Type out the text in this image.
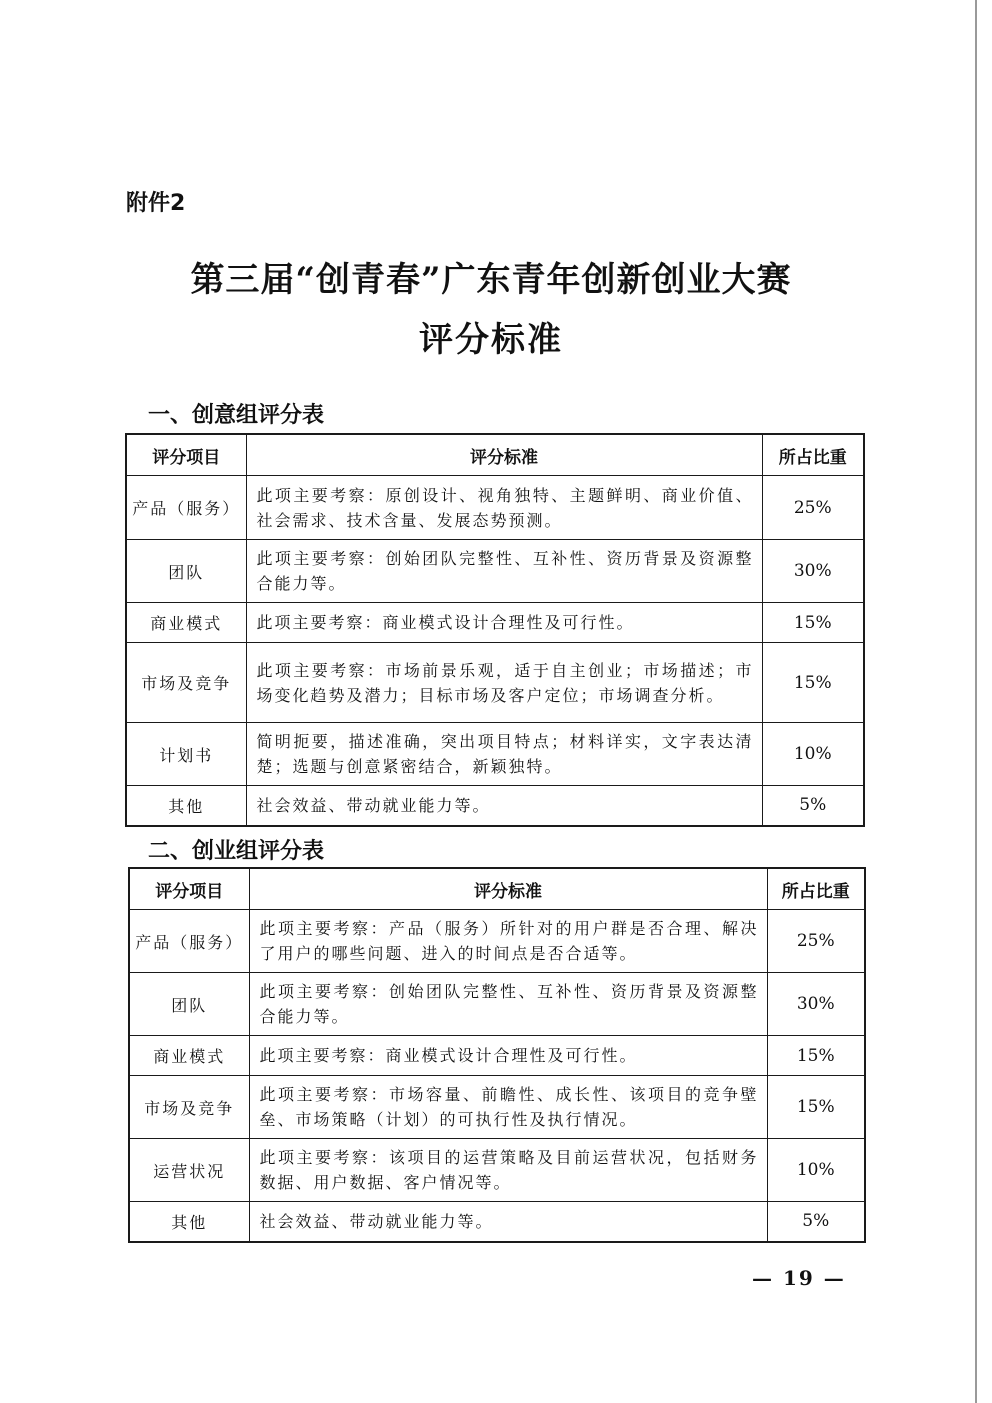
附件2
第三届“创青春”广东青年创新创业大赛
评分标准
一、创意组评分表
评分项目	评分标准	所占比重
产品（服务）	此项主要考察：原创设计、视角独特、主题鲜明、商业价值、社会需求、技术含量、发展态势预测。	25%
团队	此项主要考察：创始团队完整性、互补性、资历背景及资源整合能力等。	30%
商业模式	此项主要考察：商业模式设计合理性及可行性。	15%
市场及竞争	此项主要考察：市场前景乐观，适于自主创业；市场描述；市场变化趋势及潜力；目标市场及客户定位；市场调查分析。	15%
计划书	简明扼要，描述准确，突出项目特点；材料详实，文字表达清楚；选题与创意紧密结合，新颖独特。	10%
其他	社会效益、带动就业能力等。	5%
二、创业组评分表
评分项目	评分标准	所占比重
产品（服务）	此项主要考察：产品（服务）所针对的用户群是否合理、解决了用户的哪些问题、进入的时间点是否合适等。	25%
团队	此项主要考察：创始团队完整性、互补性、资历背景及资源整合能力等。	30%
商业模式	此项主要考察：商业模式设计合理性及可行性。	15%
市场及竞争	此项主要考察：市场容量、前瞻性、成长性、该项目的竞争壁垒、市场策略（计划）的可执行性及执行情况。	15%
运营状况	此项主要考察：该项目的运营策略及目前运营状况，包括财务数据、用户数据、客户情况等。	10%
其他	社会效益、带动就业能力等。	5%
— 19 —
